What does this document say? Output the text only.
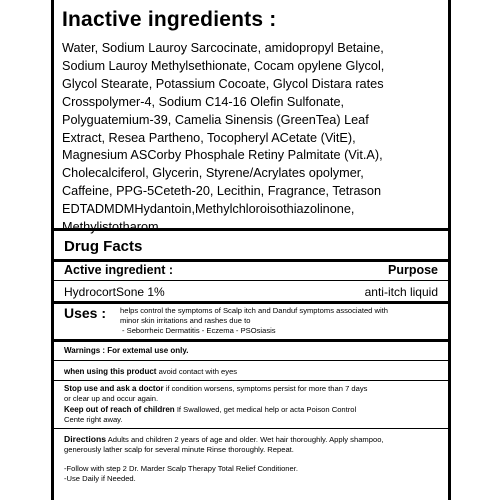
Inactive ingredients :
Water, Sodium Lauroy Sarcocinate, amidopropyl Betaine,
Sodium Lauroy Methylsethionate, Cocam opylene Glycol,
Glycol Stearate, Potassium Cocoate, Glycol Distara rates
Crosspolymer-4, Sodium C14-16 Olefin Sulfonate,
Polyguatemium-39, Camelia Sinensis (GreenTea) Leaf
Extract, Resea Partheno, Tocopheryl ACetate (VitE),
Magnesium ASCorby Phosphale Retiny Palmitate (Vit.A),
Cholecalciferol, Glycerin, Styrene/Acrylates opolymer,
Caffeine, PPG-5Ceteth-20, Lecithin, Fragrance, Tetrason
EDTADMDMHydantoin,Methylchloroisothiazolinone,
Methylistotharom.
Drug Facts
Active ingredient :	Purpose
HydrocortSone 1%	anti-itch liquid
Uses : helps control the symptoms of Scalp itch and Danduf symptoms associated with
minor skin irritations and rashes due to
- Seborrheic Dermatitis - Eczema - PSOsiasis
Warnings : For extemal use only.
when using this product avoid contact with eyes
Stop use and ask a doctor if condition worsens, symptoms persist for more than 7 days
or clear up and occur again.
Keep out of reach of children If Swallowed, get medical help or acta Poison Control
Cente right away.
Directions Adults and children 2 years of age and older. Wet hair thoroughly. Apply shampoo,
generously lather scalp for several minute Rinse thoroughly. Repeat.
-Follow with step 2 Dr. Marder Scalp Therapy Total Relief Conditioner.
-Use Daily if Needed.
